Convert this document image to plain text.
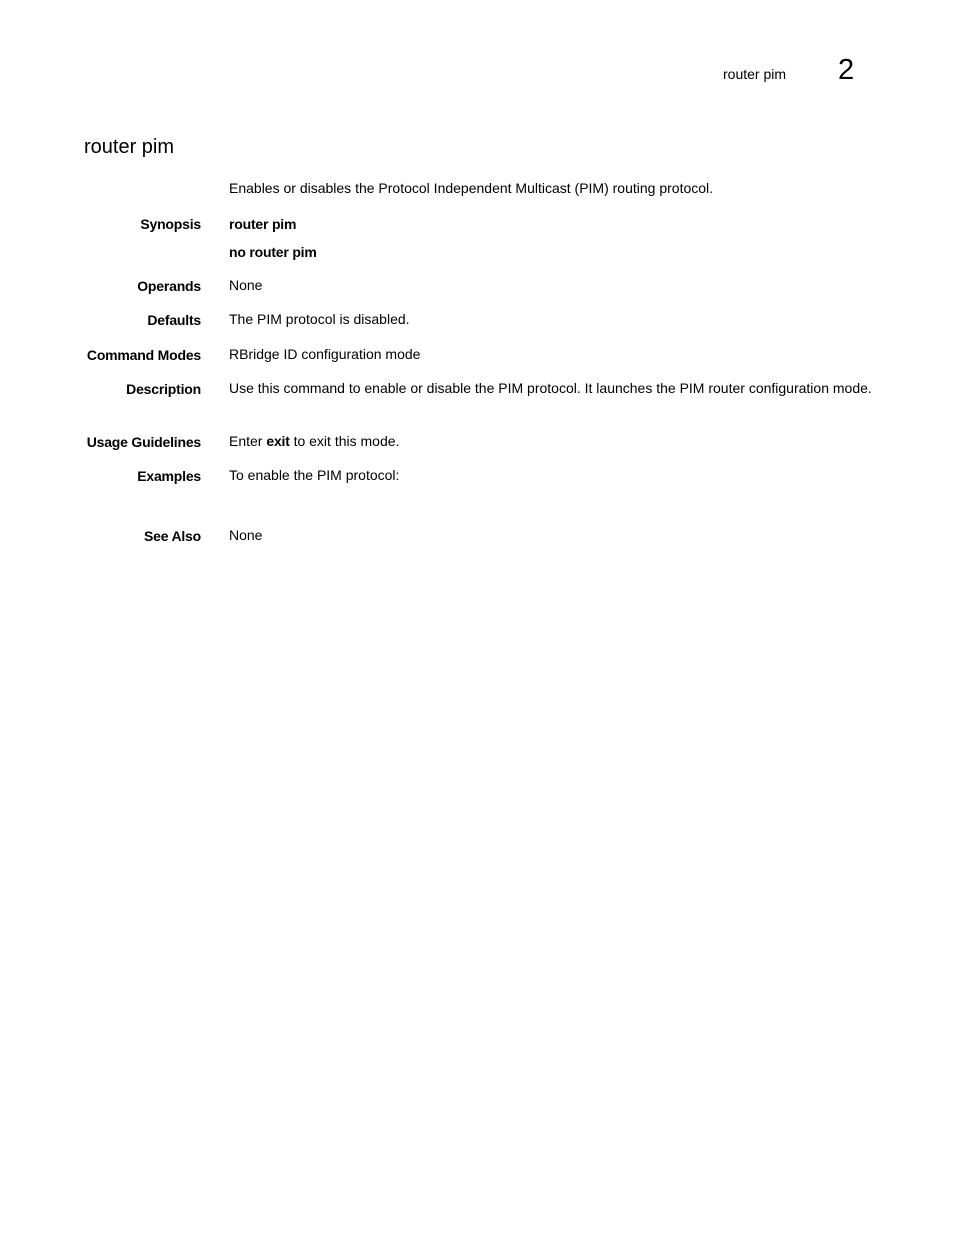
router pim 2
router pim
Enables or disables the Protocol Independent Multicast (PIM) routing protocol.
Synopsis router pim
no router pim
Operands None
Defaults The PIM protocol is disabled.
Command Modes RBridge ID configuration mode
Description Use this command to enable or disable the PIM protocol. It launches the PIM router configuration mode.
Usage Guidelines Enter exit to exit this mode.
Examples To enable the PIM protocol:
See Also None
